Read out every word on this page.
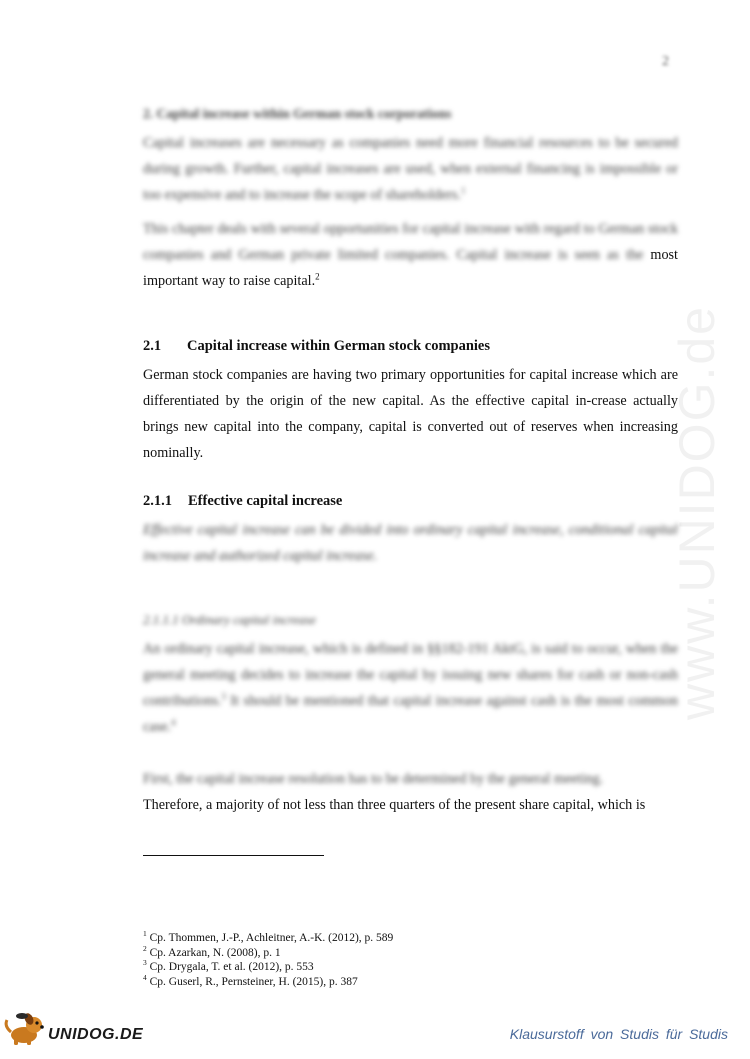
www.UNIDOG.de
2
2. Capital increase within German stock corporations
Capital increases are necessary as companies need more financial resources to be secured during growth. Further, capital increases are used, when external financing is impossible or too expensive and to increase the scope of shareholders.$^1$
This chapter deals with several opportunities for capital increase with regard to German stock companies and German private limited companies. Capital increase is seen as the most important way to raise capital.$^2$
2.1 Capital increase within German stock companies
German stock companies are having two primary opportunities for capital increase which are differentiated by the origin of the new capital. As the effective capital in-crease actually brings new capital into the company, capital is converted out of reserves when increasing nominally.
2.1.1 Effective capital increase
Effective capital increase can be divided into ordinary capital increase, conditional capital increase and authorized capital increase.
2.1.1.1 Ordinary capital increase
An ordinary capital increase, which is defined in §§182-191 AktG, is said to occur, when the general meeting decides to increase the capital by issuing new shares for cash or non-cash contributions.$^3$ It should be mentioned that capital increase against cash is the most common case.$^4$
First, the capital increase resolution has to be determined by the general meeting.
Therefore, a majority of not less than three quarters of the present share capital, which is
$^1$ Cp. Thommen, J.-P., Achleitner, A.-K. (2012), p. 589
$^2$ Cp. Azarkan, N. (2008), p. 1
$^3$ Cp. Drygala, T. et al. (2012), p. 553
$^4$ Cp. Guserl, R., Pernsteiner, H. (2015), p. 387
UNIDOG.DE	Klausurstoff von Studis für Studis
